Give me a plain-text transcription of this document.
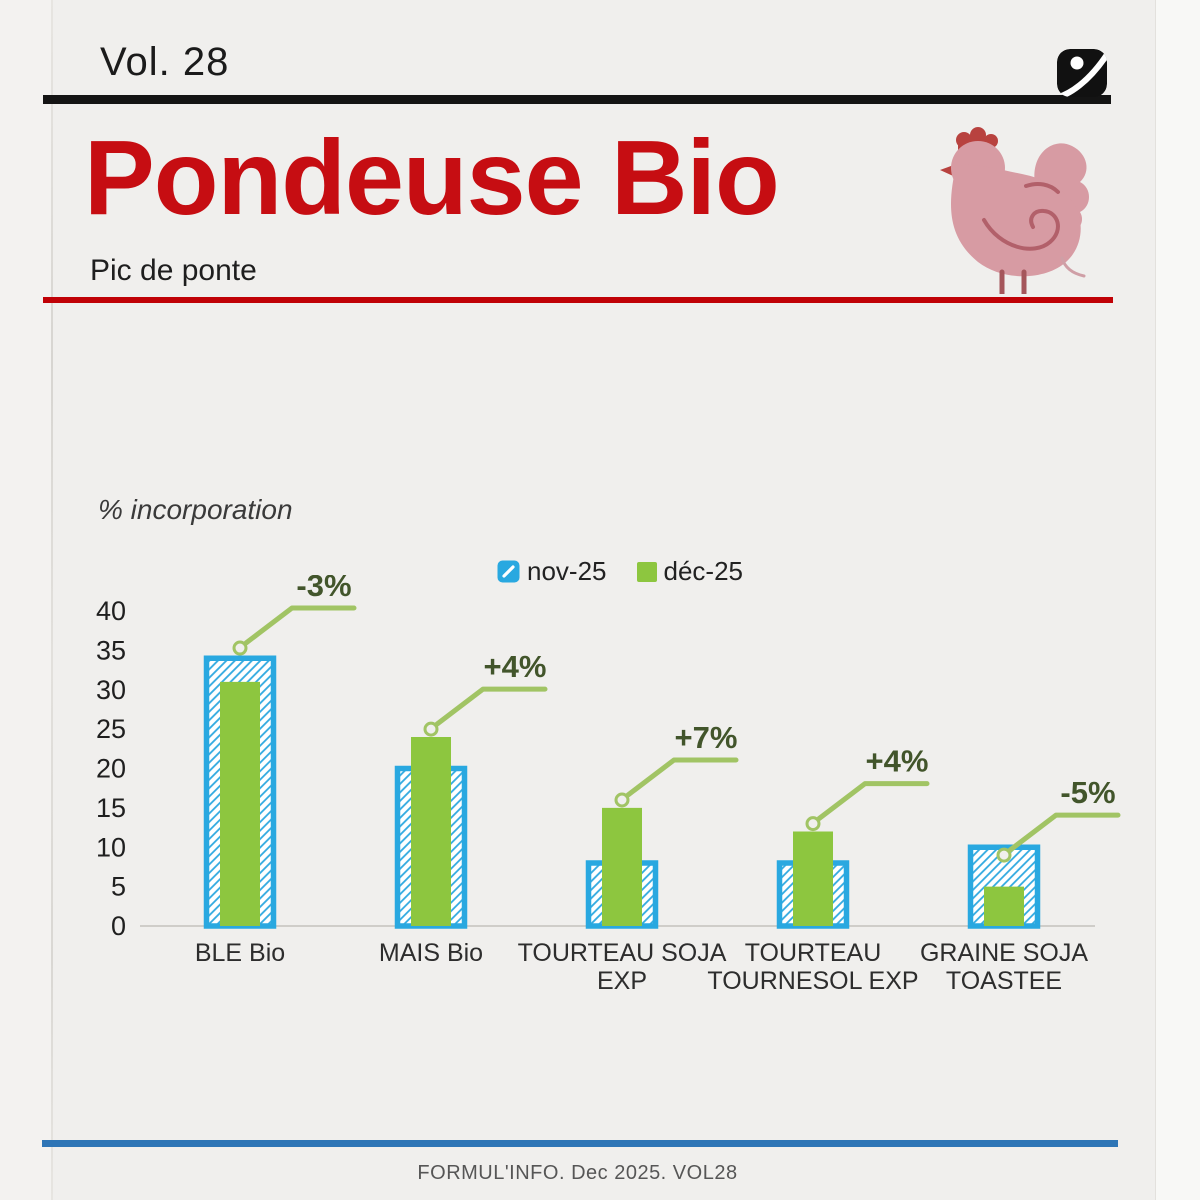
Vol. 28
Pondeuse Bio
Pic de ponte
% incorporation
nov-25 déc-25
0
5
10
15
20
25
30
35
40
BLE Bio	MAIS Bio TOURTEAU SOJA EXP
TOURTEAU TOURNESOL EXP
GRAINE SOJA TOASTEE
-3%
+4%
+7%
+4%
-5%
FORMUL'INFO. Dec 2025. VOL28
